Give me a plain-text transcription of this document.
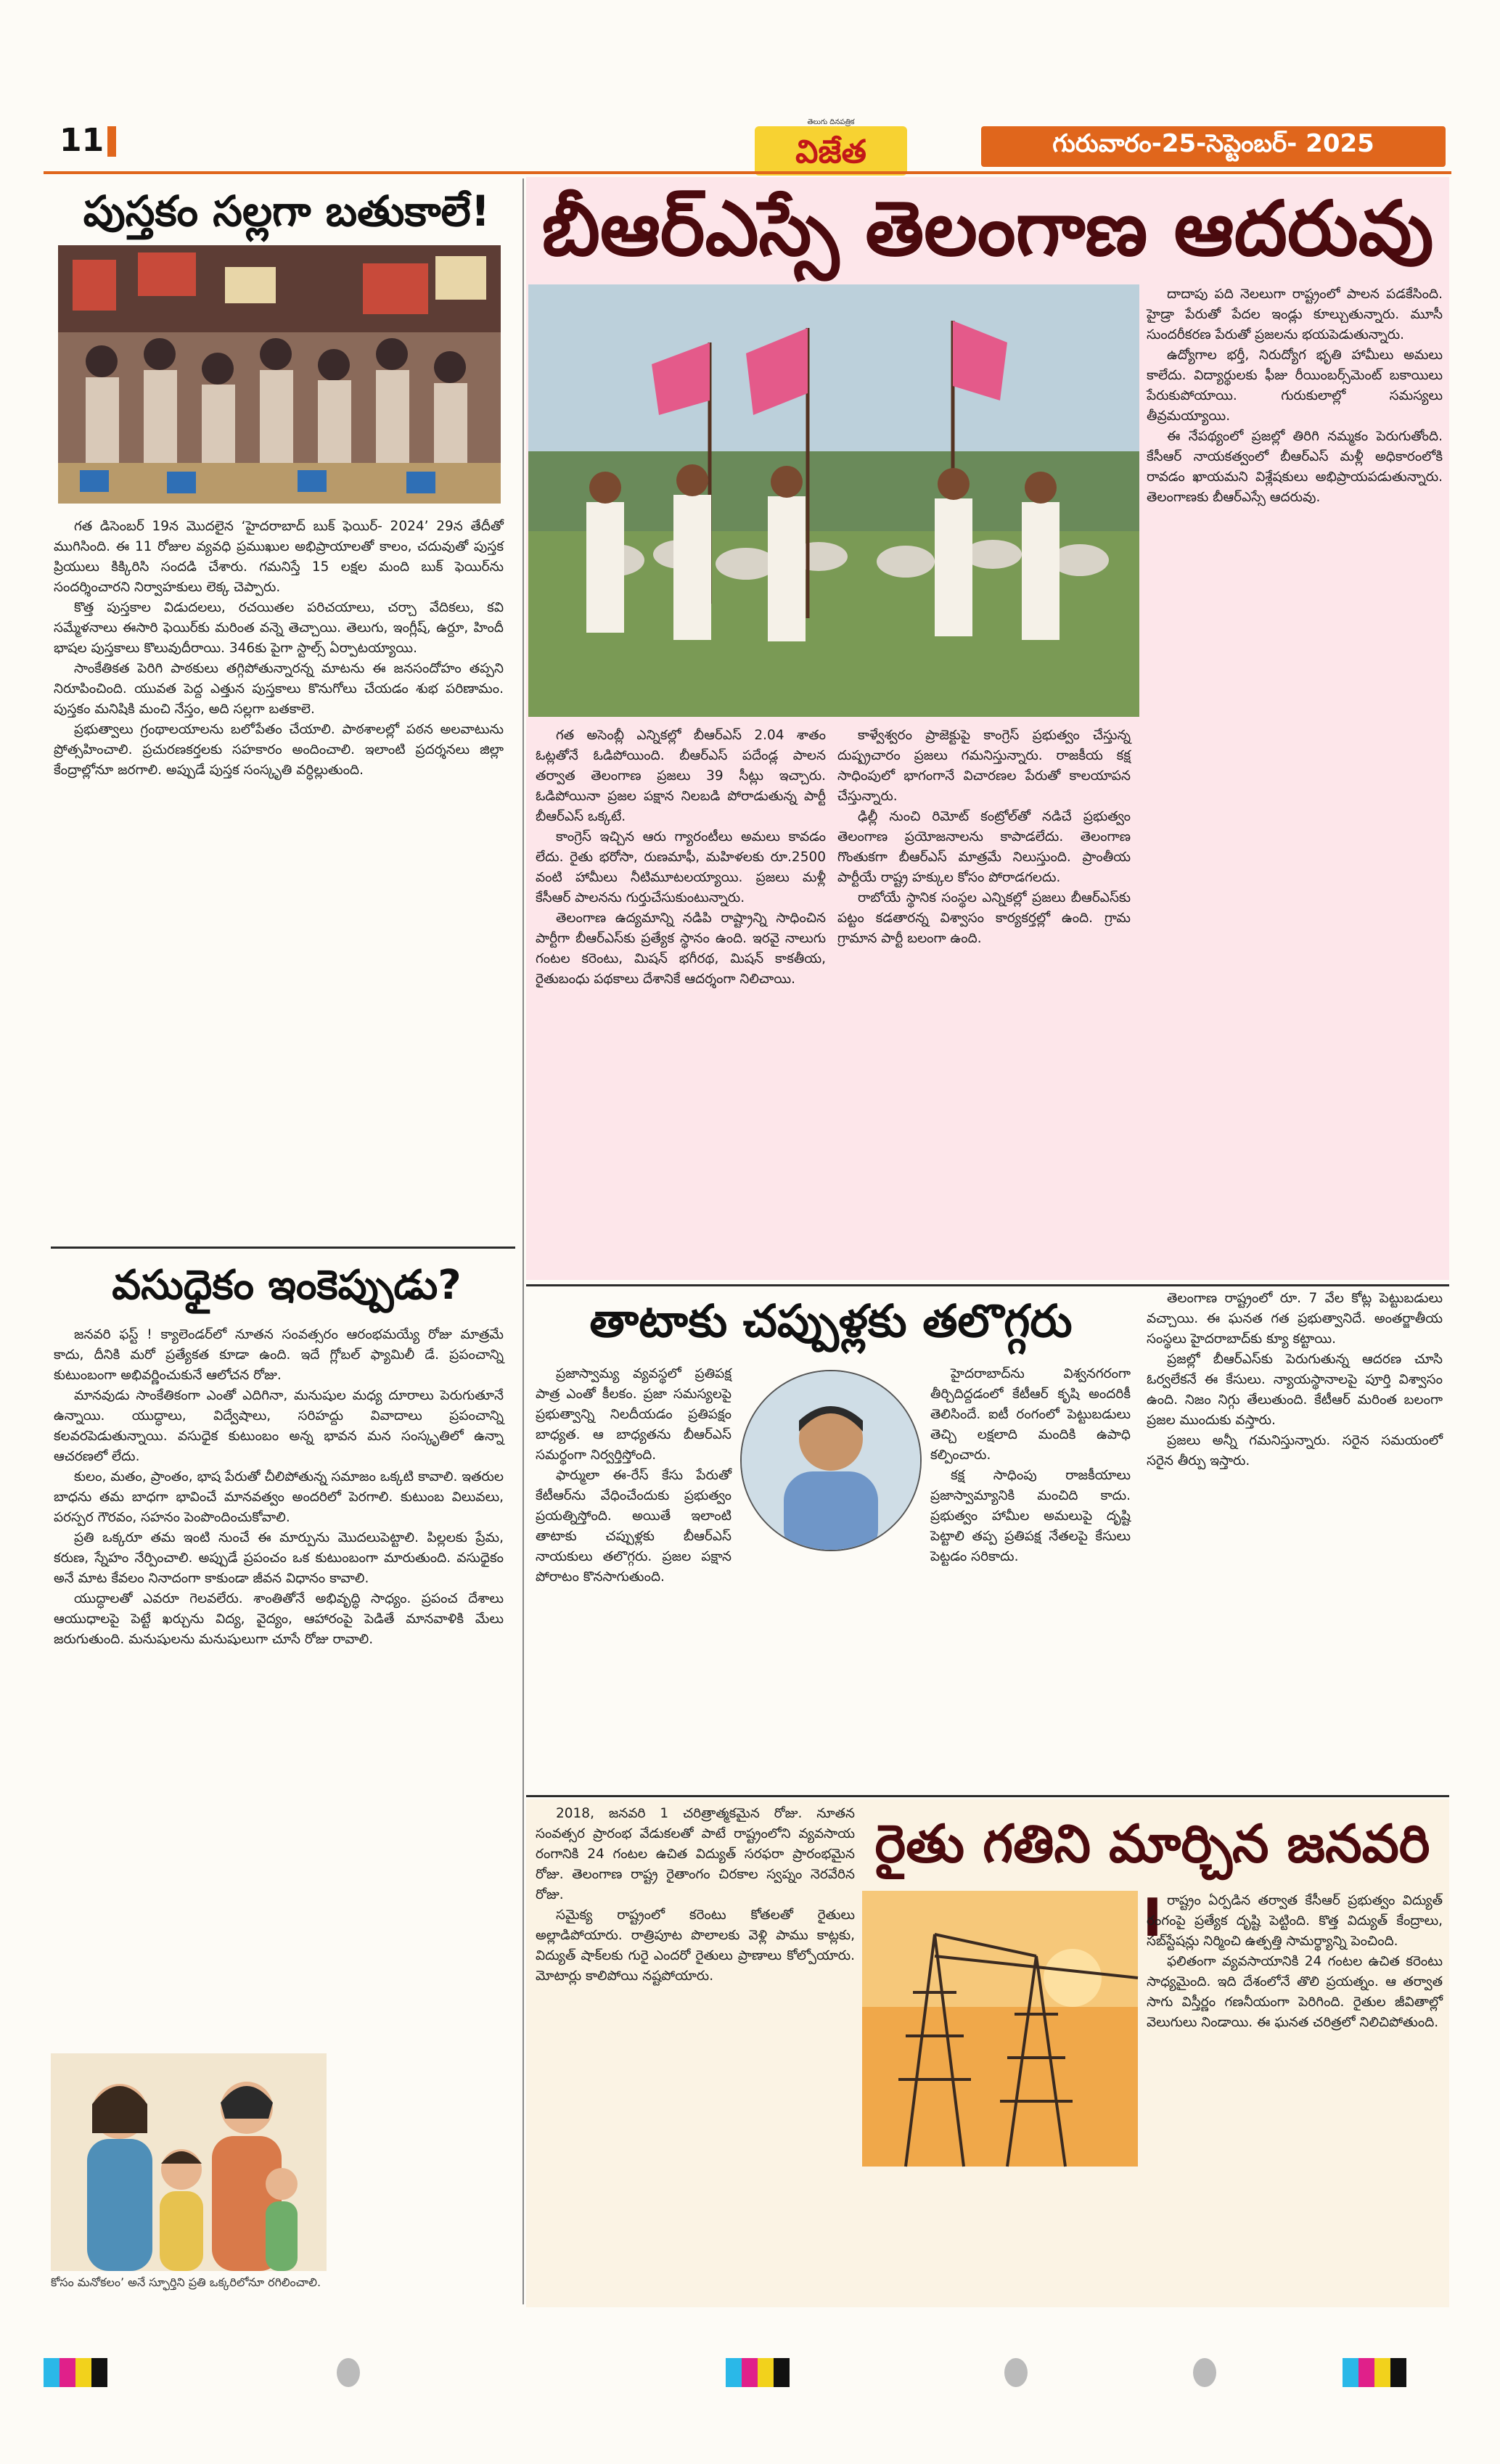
11	విజేత
తెలుగు దినపత్రిక
గురువారం-25-సెప్టెంబర్- 2025
పుస్తకం సల్లగా బతుకాలే!

గత డిసెంబర్ 19న మొదలైన ‘హైదరాబాద్ బుక్ ఫెయిర్- 2024’ 29న తేదీతో ముగిసింది. ఈ 11 రోజుల వ్యవధి ప్రముఖుల అభిప్రాయాలతో కాలం, చదువుతో పుస్తక ప్రియులు కిక్కిరిసి సందడి చేశారు. గమనిస్తే 15 లక్షల మంది బుక్ ఫెయిర్‌ను సందర్శించారని నిర్వాహకులు లెక్క చెప్పారు.

కొత్త పుస్తకాల విడుదలలు, రచయితల పరిచయాలు, చర్చా వేదికలు, కవి సమ్మేళనాలు ఈసారి ఫెయిర్‌కు మరింత వన్నె తెచ్చాయి. తెలుగు, ఇంగ్లీష్, ఉర్దూ, హిందీ భాషల పుస్తకాలు కొలువుదీరాయి. 346కు పైగా స్టాల్స్ ఏర్పాటయ్యాయి.

సాంకేతికత పెరిగి పాఠకులు తగ్గిపోతున్నారన్న మాటను ఈ జనసందోహం తప్పని నిరూపించింది. యువత పెద్ద ఎత్తున పుస్తకాలు కొనుగోలు చేయడం శుభ పరిణామం. పుస్తకం మనిషికి మంచి నేస్తం, అది సల్లగా బతకాలె.

ప్రభుత్వాలు గ్రంథాలయాలను బలోపేతం చేయాలి. పాఠశాలల్లో పఠన అలవాటును ప్రోత్సహించాలి. ప్రచురణకర్తలకు సహకారం అందించాలి. ఇలాంటి ప్రదర్శనలు జిల్లా కేంద్రాల్లోనూ జరగాలి. అప్పుడే పుస్తక సంస్కృతి వర్ధిల్లుతుంది.

వసుధైకం ఇంకెప్పుడు?

జనవరి ఫస్ట్ ! క్యాలెండర్‌లో నూతన సంవత్సరం ఆరంభమయ్యే రోజు మాత్రమే కాదు, దీనికి మరో ప్రత్యేకత కూడా ఉంది. ఇదే గ్లోబల్ ఫ్యామిలీ డే. ప్రపంచాన్ని కుటుంబంగా అభివర్ణించుకునే ఆలోచన రోజు.

మానవుడు సాంకేతికంగా ఎంతో ఎదిగినా, మనుషుల మధ్య దూరాలు పెరుగుతూనే ఉన్నాయి. యుద్ధాలు, విద్వేషాలు, సరిహద్దు వివాదాలు ప్రపంచాన్ని కలవరపెడుతున్నాయి. వసుధైక కుటుంబం అన్న భావన మన సంస్కృతిలో ఉన్నా ఆచరణలో లేదు.

కులం, మతం, ప్రాంతం, భాష పేరుతో చీలిపోతున్న సమాజం ఒక్కటి కావాలి. ఇతరుల బాధను తమ బాధగా భావించే మానవత్వం అందరిలో పెరగాలి. కుటుంబ విలువలు, పరస్పర గౌరవం, సహనం పెంపొందించుకోవాలి.

ప్రతి ఒక్కరూ తమ ఇంటి నుంచే ఈ మార్పును మొదలుపెట్టాలి. పిల్లలకు ప్రేమ, కరుణ, స్నేహం నేర్పించాలి. అప్పుడే ప్రపంచం ఒక కుటుంబంగా మారుతుంది. వసుధైకం అనే మాట కేవలం నినాదంగా కాకుండా జీవన విధానం కావాలి.

యుద్ధాలతో ఎవరూ గెలవలేరు. శాంతితోనే అభివృద్ధి సాధ్యం. ప్రపంచ దేశాలు ఆయుధాలపై పెట్టే ఖర్చును విద్య, వైద్యం, ఆహారంపై పెడితే మానవాళికి మేలు జరుగుతుంది. మనుషులను మనుషులుగా చూసే రోజు రావాలి.

కోసం మనోకలం’ అనే స్ఫూర్తిని ప్రతి ఒక్కరిలోనూ రగిలించాలి.
బీఆర్ఎస్సే తెలంగాణ ఆదరువు

గత అసెంబ్లీ ఎన్నికల్లో బీఆర్ఎస్ 2.04 శాతం ఓట్లతోనే ఓడిపోయింది. బీఆర్ఎస్ పదేండ్ల పాలన తర్వాత తెలంగాణ ప్రజలు 39 సీట్లు ఇచ్చారు. ఓడిపోయినా ప్రజల పక్షాన నిలబడి పోరాడుతున్న పార్టీ బీఆర్ఎస్ ఒక్కటే.

కాంగ్రెస్ ఇచ్చిన ఆరు గ్యారంటీలు అమలు కావడం లేదు. రైతు భరోసా, రుణమాఫీ, మహిళలకు రూ.2500 వంటి హామీలు నీటిమూటలయ్యాయి. ప్రజలు మళ్లీ కేసీఆర్ పాలనను గుర్తుచేసుకుంటున్నారు.

తెలంగాణ ఉద్యమాన్ని నడిపి రాష్ట్రాన్ని సాధించిన పార్టీగా బీఆర్ఎస్‌కు ప్రత్యేక స్థానం ఉంది. ఇరవై నాలుగు గంటల కరెంటు, మిషన్ భగీరథ, మిషన్ కాకతీయ, రైతుబంధు పథకాలు దేశానికే ఆదర్శంగా నిలిచాయి.

కాళ్వేశ్వరం ప్రాజెక్టుపై కాంగ్రెస్ ప్రభుత్వం చేస్తున్న దుష్ప్రచారం ప్రజలు గమనిస్తున్నారు. రాజకీయ కక్ష సాధింపులో భాగంగానే విచారణల పేరుతో కాలయాపన చేస్తున్నారు.

ఢిల్లీ నుంచి రిమోట్ కంట్రోల్‌తో నడిచే ప్రభుత్వం తెలంగాణ ప్రయోజనాలను కాపాడలేదు. తెలంగాణ గొంతుకగా బీఆర్ఎస్ మాత్రమే నిలుస్తుంది. ప్రాంతీయ పార్టీయే రాష్ట్ర హక్కుల కోసం పోరాడగలదు.

రాబోయే స్థానిక సంస్థల ఎన్నికల్లో ప్రజలు బీఆర్ఎస్‌కు పట్టం కడతారన్న విశ్వాసం కార్యకర్తల్లో ఉంది. గ్రామ గ్రామాన పార్టీ బలంగా ఉంది.

దాదాపు పది నెలలుగా రాష్ట్రంలో పాలన పడకేసింది. హైడ్రా పేరుతో పేదల ఇండ్లు కూల్చుతున్నారు. మూసీ సుందరీకరణ పేరుతో ప్రజలను భయపెడుతున్నారు.

ఉద్యోగాల భర్తీ, నిరుద్యోగ భృతి హామీలు అమలు కాలేదు. విద్యార్థులకు ఫీజు రీయింబర్స్‌మెంట్ బకాయిలు పేరుకుపోయాయి. గురుకులాల్లో సమస్యలు తీవ్రమయ్యాయి.

ఈ నేపథ్యంలో ప్రజల్లో తిరిగి నమ్మకం పెరుగుతోంది. కేసీఆర్ నాయకత్వంలో బీఆర్ఎస్ మళ్లీ అధికారంలోకి రావడం ఖాయమని విశ్లేషకులు అభిప్రాయపడుతున్నారు. తెలంగాణకు బీఆర్ఎస్సే ఆదరువు.

తాటాకు చప్పుళ్లకు తలొగ్గరు

ప్రజాస్వామ్య వ్యవస్థలో ప్రతిపక్ష పాత్ర ఎంతో కీలకం. ప్రజా సమస్యలపై ప్రభుత్వాన్ని నిలదీయడం ప్రతిపక్షం బాధ్యత. ఆ బాధ్యతను బీఆర్ఎస్ సమర్థంగా నిర్వర్తిస్తోంది.

ఫార్ములా ఈ-రేస్ కేసు పేరుతో కేటీఆర్‌ను వేధించేందుకు ప్రభుత్వం ప్రయత్నిస్తోంది. అయితే ఇలాంటి తాటాకు చప్పుళ్లకు బీఆర్ఎస్ నాయకులు తలొగ్గరు. ప్రజల పక్షాన పోరాటం కొనసాగుతుంది.

హైదరాబాద్‌ను విశ్వనగరంగా తీర్చిదిద్దడంలో కేటీఆర్ కృషి అందరికీ తెలిసిందే. ఐటీ రంగంలో పెట్టుబడులు తెచ్చి లక్షలాది మందికి ఉపాధి కల్పించారు.

కక్ష సాధింపు రాజకీయాలు ప్రజాస్వామ్యానికి మంచిది కాదు. ప్రభుత్వం హామీల అమలుపై దృష్టి పెట్టాలి తప్ప ప్రతిపక్ష నేతలపై కేసులు పెట్టడం సరికాదు.

తెలంగాణ రాష్ట్రంలో రూ. 7 వేల కోట్ల పెట్టుబడులు వచ్చాయి. ఈ ఘనత గత ప్రభుత్వానిదే. అంతర్జాతీయ సంస్థలు హైదరాబాద్‌కు క్యూ కట్టాయి.

ప్రజల్లో బీఆర్ఎస్‌కు పెరుగుతున్న ఆదరణ చూసి ఓర్వలేకనే ఈ కేసులు. న్యాయస్థానాలపై పూర్తి విశ్వాసం ఉంది. నిజం నిగ్గు తేలుతుంది. కేటీఆర్ మరింత బలంగా ప్రజల ముందుకు వస్తారు.

ప్రజలు అన్నీ గమనిస్తున్నారు. సరైన సమయంలో సరైన తీర్పు ఇస్తారు.

2018, జనవరి 1 చరిత్రాత్మకమైన రోజు. నూతన సంవత్సర ప్రారంభ వేడుకలతో పాటే రాష్ట్రంలోని వ్యవసాయ రంగానికి 24 గంటల ఉచిత విద్యుత్ సరఫరా ప్రారంభమైన రోజు. తెలంగాణ రాష్ట్ర రైతాంగం చిరకాల స్వప్నం నెరవేరిన రోజు.

సమైక్య రాష్ట్రంలో కరెంటు కోతలతో రైతులు అల్లాడిపోయారు. రాత్రిపూట పొలాలకు వెళ్లి పాము కాట్లకు, విద్యుత్ షాక్‌లకు గురై ఎందరో రైతులు ప్రాణాలు కోల్పోయారు. మోటార్లు కాలిపోయి నష్టపోయారు.

రైతు గతిని మార్చిన జనవరి I రాష్ట్రం ఏర్పడిన తర్వాత కేసీఆర్ ప్రభుత్వం విద్యుత్ రంగంపై ప్రత్యేక దృష్టి పెట్టింది. కొత్త విద్యుత్ కేంద్రాలు, సబ్‌స్టేషన్లు నిర్మించి ఉత్పత్తి సామర్థ్యాన్ని పెంచింది.

ఫలితంగా వ్యవసాయానికి 24 గంటల ఉచిత కరెంటు సాధ్యమైంది. ఇది దేశంలోనే తొలి ప్రయత్నం. ఆ తర్వాత సాగు విస్తీర్ణం గణనీయంగా పెరిగింది. రైతుల జీవితాల్లో వెలుగులు నిండాయి. ఈ ఘనత చరిత్రలో నిలిచిపోతుంది.
